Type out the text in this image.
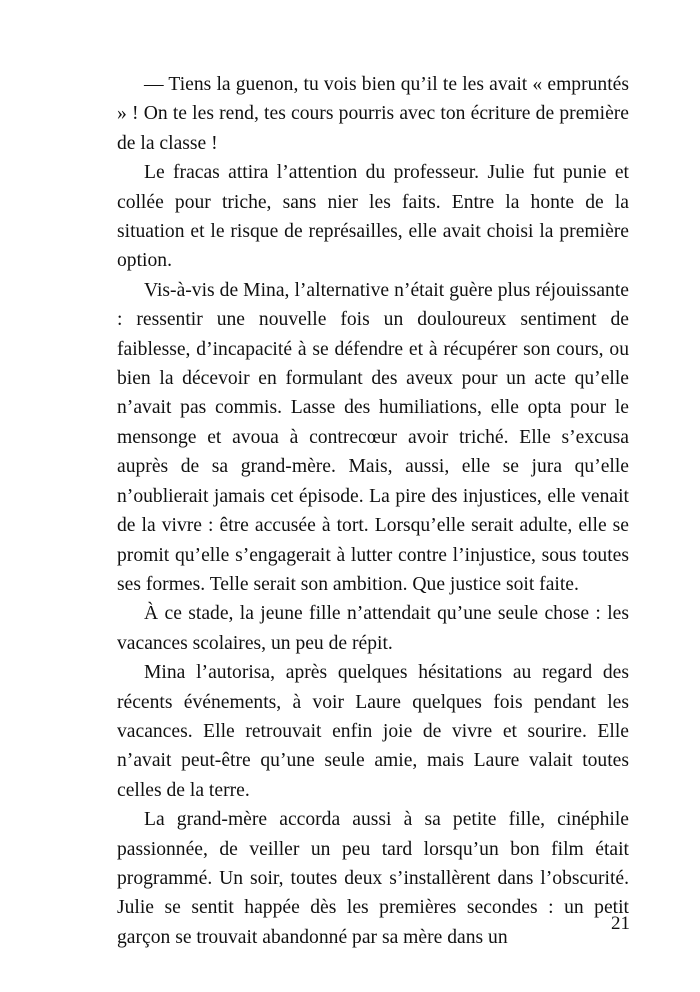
— Tiens la guenon, tu vois bien qu’il te les avait « empruntés » ! On te les rend, tes cours pourris avec ton écriture de première de la classe !

Le fracas attira l’attention du professeur. Julie fut punie et collée pour triche, sans nier les faits. Entre la honte de la situation et le risque de représailles, elle avait choisi la première option.

Vis-à-vis de Mina, l’alternative n’était guère plus réjouissante : ressentir une nouvelle fois un douloureux sentiment de faiblesse, d’incapacité à se défendre et à récupérer son cours, ou bien la décevoir en formulant des aveux pour un acte qu’elle n’avait pas commis. Lasse des humiliations, elle opta pour le mensonge et avoua à contrecœur avoir triché. Elle s’excusa auprès de sa grand-mère. Mais, aussi, elle se jura qu’elle n’oublierait jamais cet épisode. La pire des injustices, elle venait de la vivre : être accusée à tort. Lorsqu’elle serait adulte, elle se promit qu’elle s’engagerait à lutter contre l’injustice, sous toutes ses formes. Telle serait son ambition. Que justice soit faite.

À ce stade, la jeune fille n’attendait qu’une seule chose : les vacances scolaires, un peu de répit.

Mina l’autorisa, après quelques hésitations au regard des récents événements, à voir Laure quelques fois pendant les vacances. Elle retrouvait enfin joie de vivre et sourire. Elle n’avait peut-être qu’une seule amie, mais Laure valait toutes celles de la terre.

La grand-mère accorda aussi à sa petite fille, cinéphile passionnée, de veiller un peu tard lorsqu’un bon film était programmé. Un soir, toutes deux s’installèrent dans l’obscurité. Julie se sentit happée dès les premières secondes : un petit garçon se trouvait abandonné par sa mère dans un

21
